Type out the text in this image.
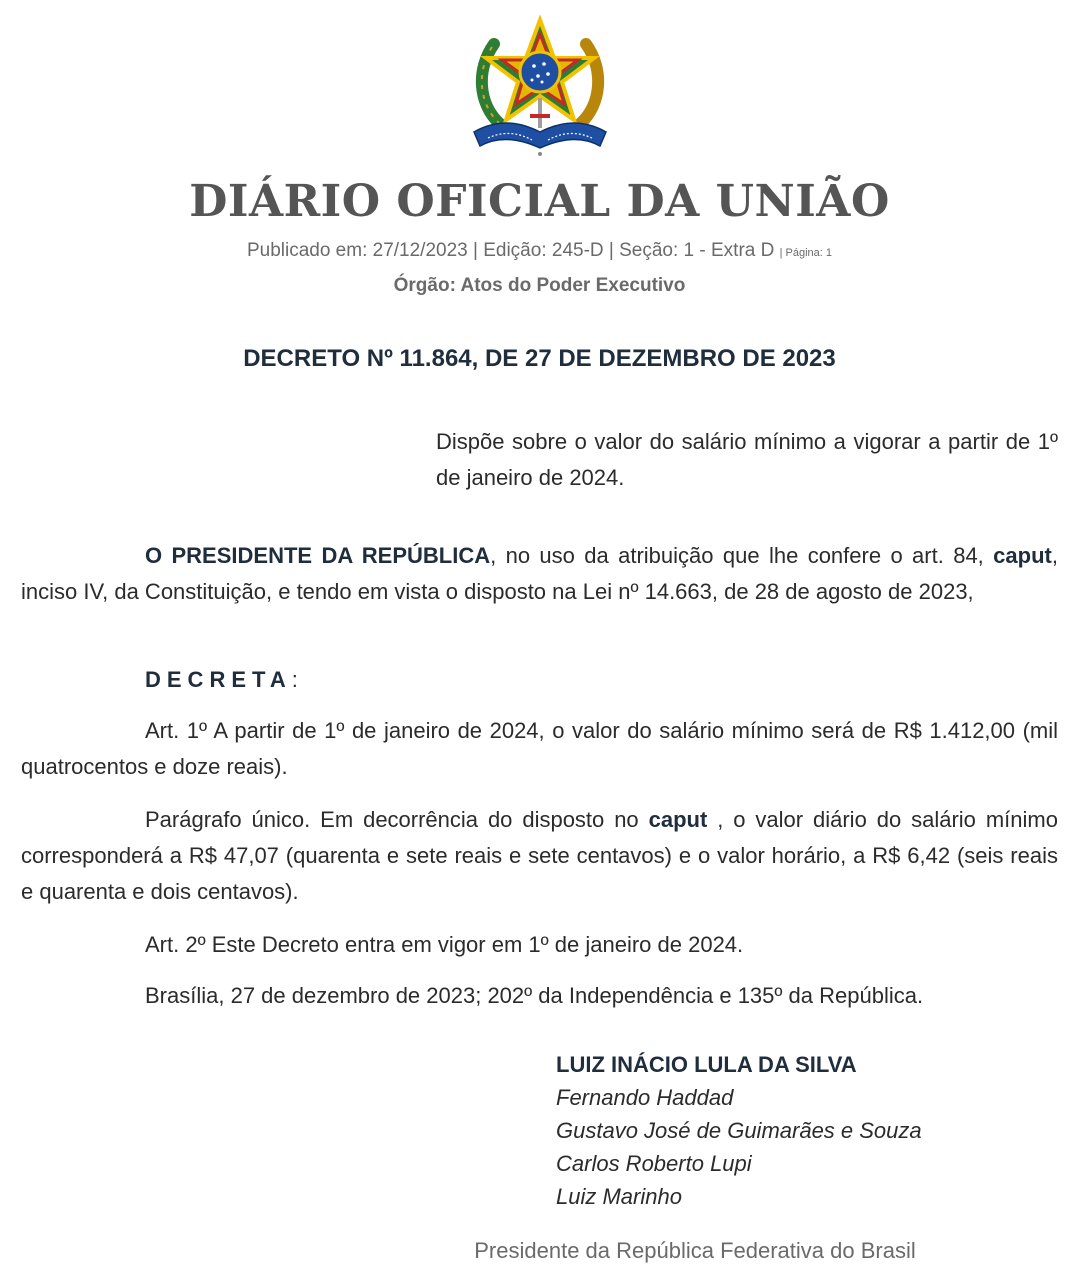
DIÁRIO OFICIAL DA UNIÃO
Publicado em: 27/12/2023 | Edição: 245-D | Seção: 1 - Extra D | Página: 1
Órgão: Atos do Poder Executivo
DECRETO Nº 11.864, DE 27 DE DEZEMBRO DE 2023
Dispõe sobre o valor do salário mínimo a vigorar a partir de 1º de janeiro de 2024.
O PRESIDENTE DA REPÚBLICA, no uso da atribuição que lhe confere o art. 84, caput, inciso IV, da Constituição, e tendo em vista o disposto na Lei nº 14.663, de 28 de agosto de 2023,
DECRETA:
Art. 1º A partir de 1º de janeiro de 2024, o valor do salário mínimo será de R$ 1.412,00 (mil quatrocentos e doze reais).
Parágrafo único. Em decorrência do disposto no caput , o valor diário do salário mínimo corresponderá a R$ 47,07 (quarenta e sete reais e sete centavos) e o valor horário, a R$ 6,42 (seis reais e quarenta e dois centavos).
Art. 2º Este Decreto entra em vigor em 1º de janeiro de 2024.
Brasília, 27 de dezembro de 2023; 202º da Independência e 135º da República.
LUIZ INÁCIO LULA DA SILVA
Fernando Haddad
Gustavo José de Guimarães e Souza
Carlos Roberto Lupi
Luiz Marinho
Presidente da República Federativa do Brasil
